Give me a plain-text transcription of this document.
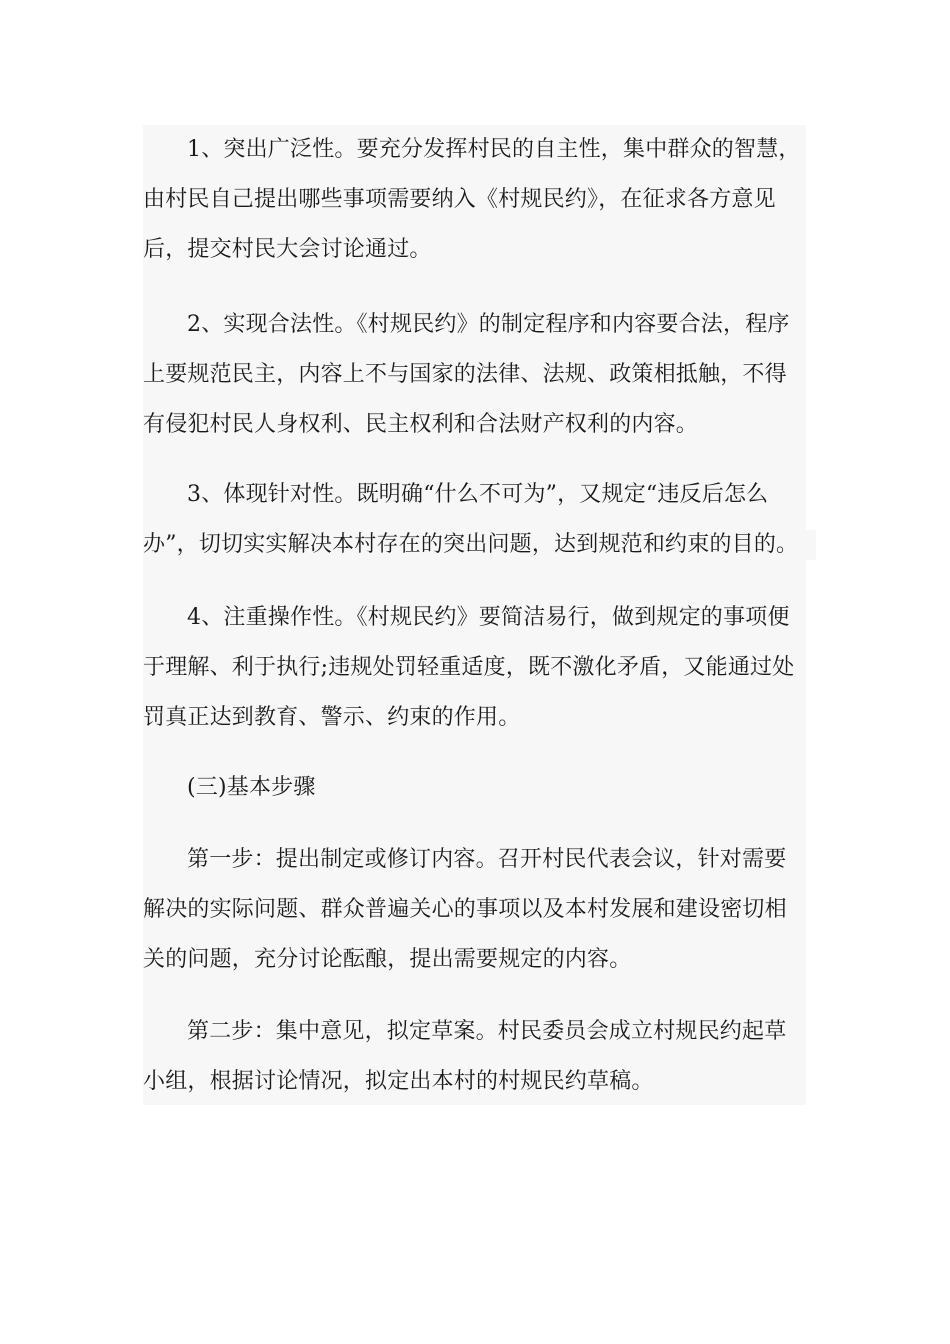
1、突出广泛性。要充分发挥村民的自主性，集中群众的智慧，
由村民自己提出哪些事项需要纳入《村规民约》，在征求各方意见
后，提交村民大会讨论通过。

2、实现合法性。《村规民约》的制定程序和内容要合法，程序
上要规范民主，内容上不与国家的法律、法规、政策相抵触，不得
有侵犯村民人身权利、民主权利和合法财产权利的内容。

3、体现针对性。既明确“什么不可为”，又规定“违反后怎么
办”，切切实实解决本村存在的突出问题，达到规范和约束的目的。

4、注重操作性。《村规民约》要简洁易行，做到规定的事项便
于理解、利于执行;违规处罚轻重适度，既不激化矛盾，又能通过处
罚真正达到教育、警示、约束的作用。

(三)基本步骤

第一步：提出制定或修订内容。召开村民代表会议，针对需要
解决的实际问题、群众普遍关心的事项以及本村发展和建设密切相
关的问题，充分讨论酝酿，提出需要规定的内容。

第二步：集中意见，拟定草案。村民委员会成立村规民约起草
小组，根据讨论情况，拟定出本村的村规民约草稿。
